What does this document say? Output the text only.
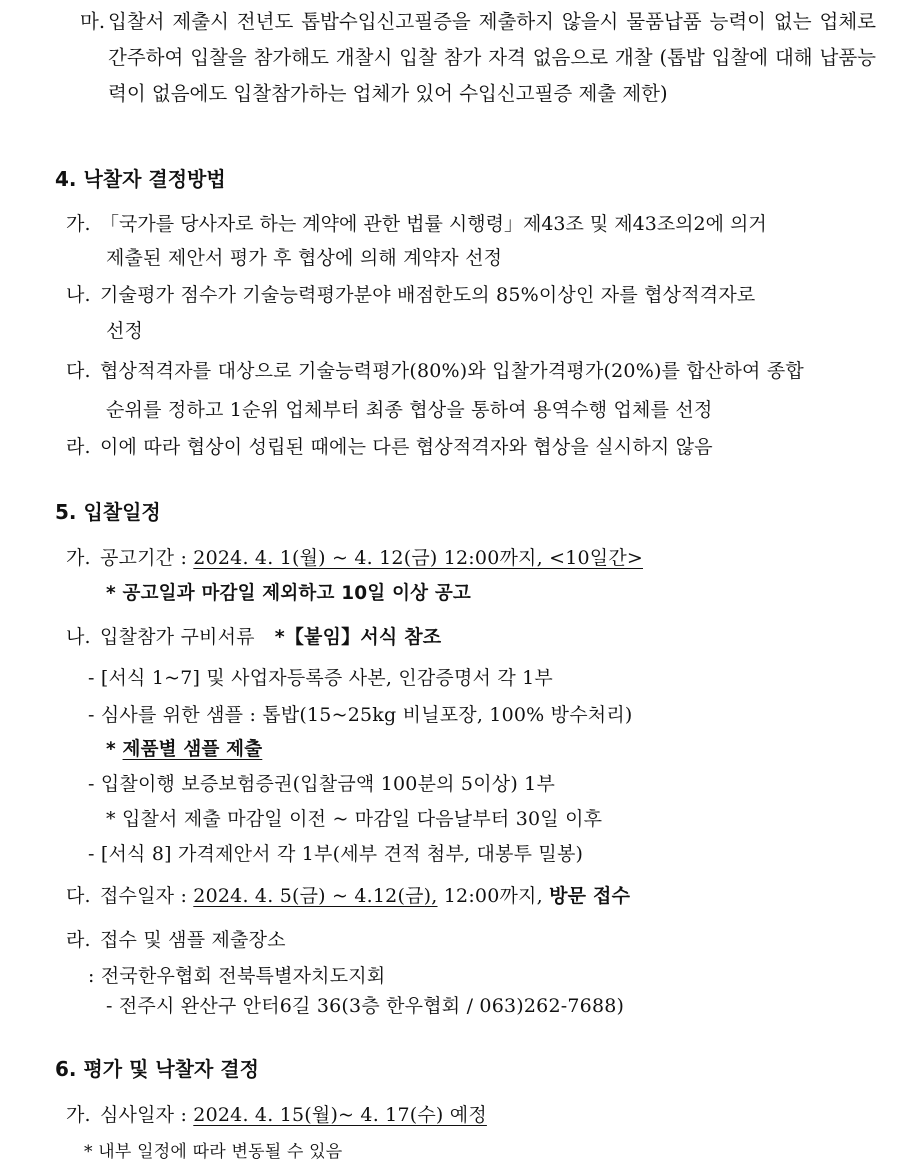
마. 입찰서 제출시 전년도 톱밥수입신고필증을 제출하지 않을시 물품납품 능력이 없는 업체로 간주하여 입찰을 참가해도 개찰시 입찰 참가 자격 없음으로 개찰 (톱밥 입찰에 대해 납품능력이 없음에도 입찰참가하는 업체가 있어 수입신고필증 제출 제한)
4. 낙찰자 결정방법
가. 「국가를 당사자로 하는 계약에 관한 법률 시행령」제43조 및 제43조의2에 의거
제출된 제안서 평가 후 협상에 의해 계약자 선정
나. 기술평가 점수가 기술능력평가분야 배점한도의 85%이상인 자를 협상적격자로
선정
다. 협상적격자를 대상으로 기술능력평가(80%)와 입찰가격평가(20%)를 합산하여 종합
순위를 정하고 1순위 업체부터 최종 협상을 통하여 용역수행 업체를 선정
라. 이에 따라 협상이 성립된 때에는 다른 협상적격자와 협상을 실시하지 않음
5. 입찰일정
가. 공고기간 : 2024. 4. 1(월) ~ 4. 12(금) 12:00까지, <10일간>
* 공고일과 마감일 제외하고 10일 이상 공고
나. 입찰참가 구비서류 *【붙임】서식 참조
- [서식 1~7] 및 사업자등록증 사본, 인감증명서 각 1부
- 심사를 위한 샘플 : 톱밥(15~25kg 비닐포장, 100% 방수처리)
* 제품별 샘플 제출
- 입찰이행 보증보험증권(입찰금액 100분의 5이상) 1부
* 입찰서 제출 마감일 이전 ~ 마감일 다음날부터 30일 이후
- [서식 8] 가격제안서 각 1부(세부 견적 첨부, 대봉투 밀봉)
다. 접수일자 : 2024. 4. 5(금) ~ 4.12(금), 12:00까지, 방문 접수
라. 접수 및 샘플 제출장소
: 전국한우협회 전북특별자치도지회
- 전주시 완산구 안터6길 36(3층 한우협회 / 063)262-7688)
6. 평가 및 낙찰자 결정
가. 심사일자 : 2024. 4. 15(월)~ 4. 17(수) 예정
* 내부 일정에 따라 변동될 수 있음
